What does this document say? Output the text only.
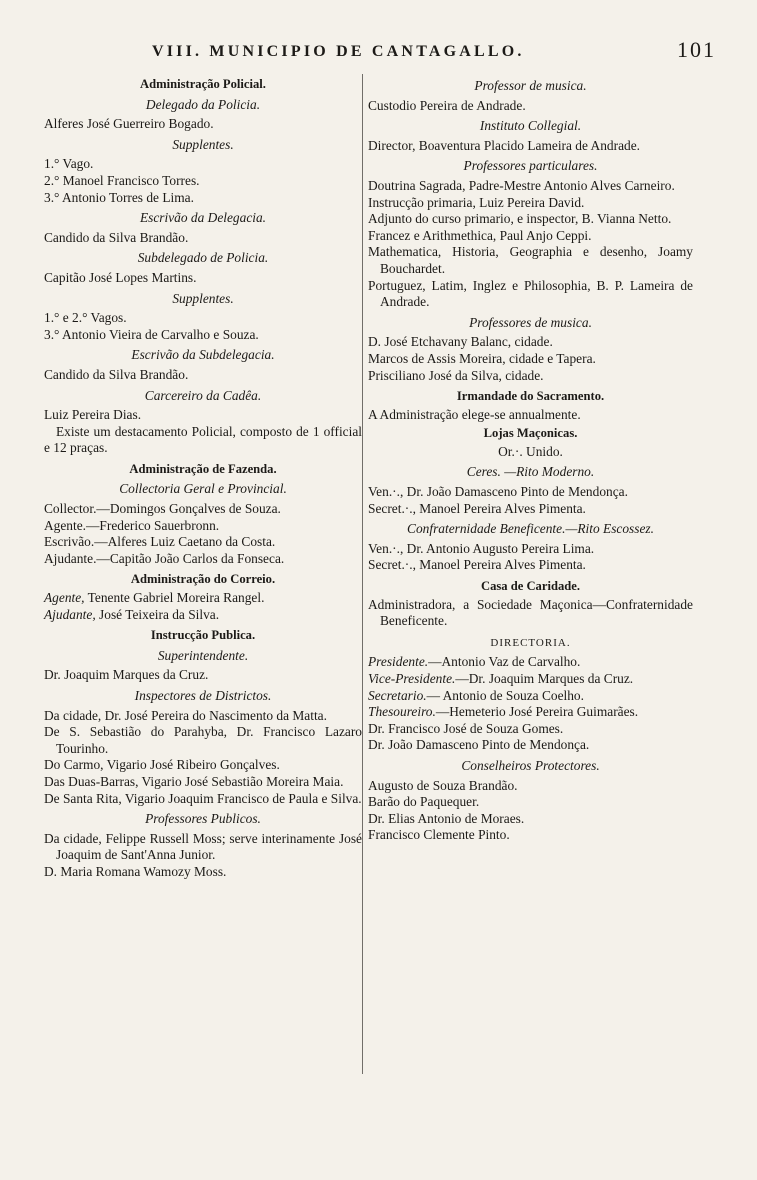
VIII. MUNICIPIO DE CANTAGALLO.	101
Administração Policial.
Delegado da Policia.

Alferes José Guerreiro Bogado.

Supplentes.

1.° Vago.

2.° Manoel Francisco Torres.

3.° Antonio Torres de Lima.

Escrivão da Delegacia.

Candido da Silva Brandão.

Subdelegado de Policia.

Capitão José Lopes Martins.

Supplentes.

1.° e 2.° Vagos.

3.° Antonio Vieira de Carvalho e Souza.

Escrivão da Subdelegacia.

Candido da Silva Brandão.

Carcereiro da Cadêa.

Luiz Pereira Dias.

Existe um destacamento Policial, composto de 1 official e 12 praças.

Administração de Fazenda.
Collectoria Geral e Provincial.

Collector.—Domingos Gonçalves de Souza.

Agente.—Frederico Sauerbronn.

Escrivão.—Alferes Luiz Caetano da Costa.

Ajudante.—Capitão João Carlos da Fonseca.

Administração do Correio.

Agente, Tenente Gabriel Moreira Rangel.

Ajudante, José Teixeira da Silva.

Instrucção Publica.
Superintendente.

Dr. Joaquim Marques da Cruz.

Inspectores de Districtos.

Da cidade, Dr. José Pereira do Nascimento da Matta.

De S. Sebastião do Parahyba, Dr. Francisco Lazaro Tourinho.

Do Carmo, Vigario José Ribeiro Gonçalves.

Das Duas-Barras, Vigario José Sebastião Moreira Maia.

De Santa Rita, Vigario Joaquim Francisco de Paula e Silva.

Professores Publicos.

Da cidade, Felippe Russell Moss; serve interinamente José Joaquim de Sant'Anna Junior.

D. Maria Romana Wamozy Moss.

Professor de musica.

Custodio Pereira de Andrade.

Instituto Collegial.

Director, Boaventura Placido Lameira de Andrade.

Professores particulares.

Doutrina Sagrada, Padre-Mestre Antonio Alves Carneiro.

Instrucção primaria, Luiz Pereira David.

Adjunto do curso primario, e inspector, B. Vianna Netto.

Francez e Arithmethica, Paul Anjo Ceppi.

Mathematica, Historia, Geographia e desenho, Joamy Bouchardet.

Portuguez, Latim, Inglez e Philosophia, B. P. Lameira de Andrade.

Professores de musica.

D. José Etchavany Balanc, cidade.

Marcos de Assis Moreira, cidade e Tapera.

Prisciliano José da Silva, cidade.

Irmandade do Sacramento.

A Administração elege-se annualmente.

Lojas Maçonicas.
Or.·. Unido.
Ceres. —Rito Moderno.

Ven.·., Dr. João Damasceno Pinto de Mendonça.

Secret.·., Manoel Pereira Alves Pimenta.

Confraternidade Beneficente.—Rito Escossez.

Ven.·., Dr. Antonio Augusto Pereira Lima.

Secret.·., Manoel Pereira Alves Pimenta.

Casa de Caridade.

Administradora, a Sociedade Maçonica—Confraternidade Beneficente.

DIRECTORIA.

Presidente.—Antonio Vaz de Carvalho.

Vice-Presidente.—Dr. Joaquim Marques da Cruz.

Secretario.— Antonio de Souza Coelho.

Thesoureiro.—Hemeterio José Pereira Guimarães.

Dr. Francisco José de Souza Gomes.

Dr. João Damasceno Pinto de Mendonça.

Conselheiros Protectores.

Augusto de Souza Brandão.

Barão do Paquequer.

Dr. Elias Antonio de Moraes.

Francisco Clemente Pinto.
